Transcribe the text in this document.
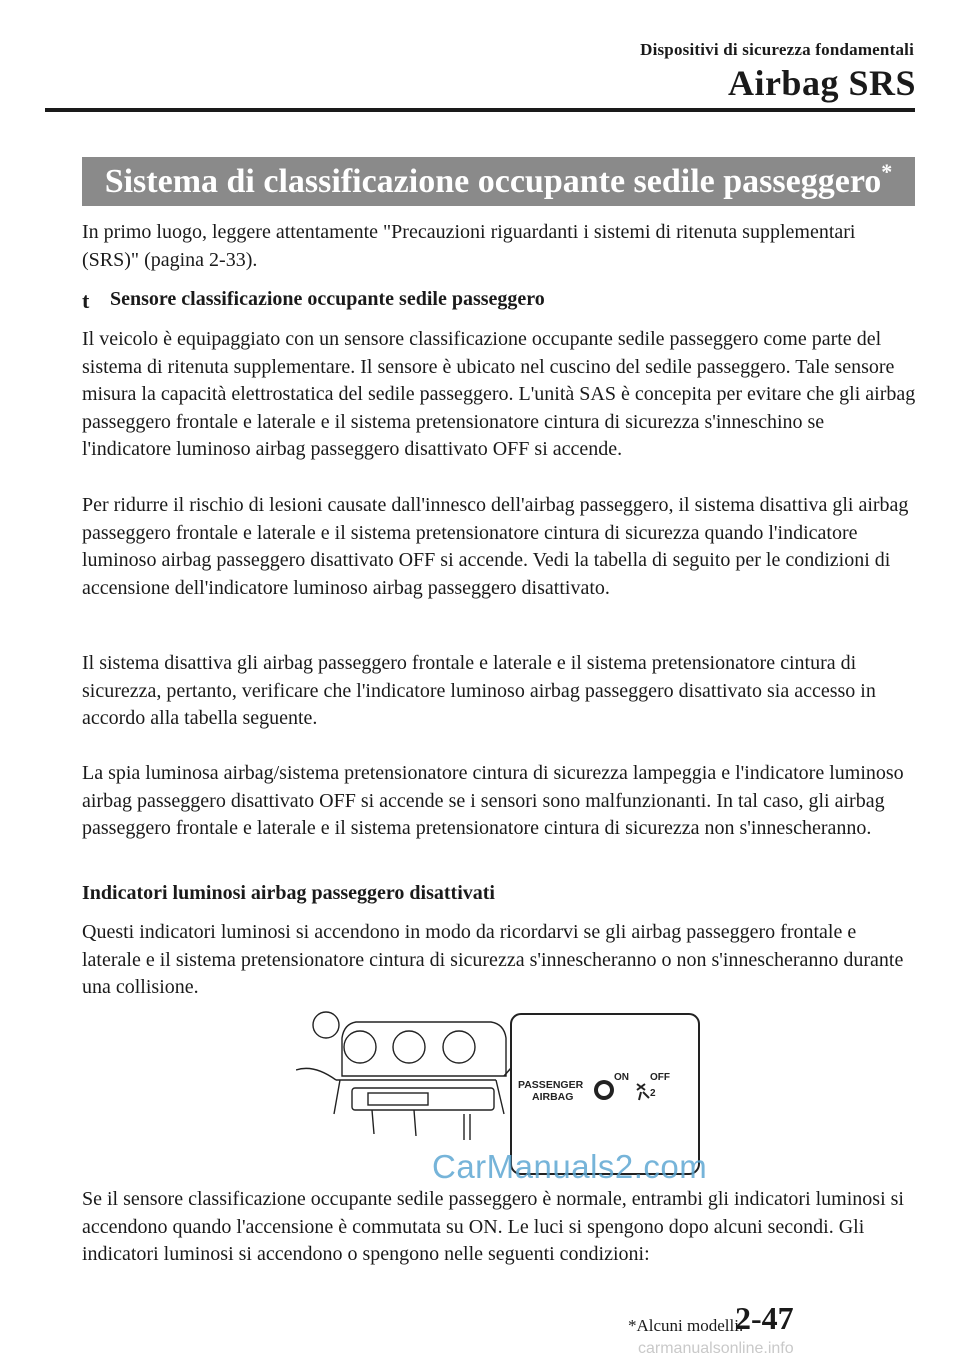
Dispositivi di sicurezza fondamentali
Airbag SRS
Sistema di classificazione occupante sedile passeggero*
In primo luogo, leggere attentamente "Precauzioni riguardanti i sistemi di ritenuta supplementari (SRS)" (pagina 2-33).
t Sensore classificazione occupante sedile passeggero
Il veicolo è equipaggiato con un sensore classificazione occupante sedile passeggero come parte del sistema di ritenuta supplementare. Il sensore è ubicato nel cuscino del sedile passeggero. Tale sensore misura la capacità elettrostatica del sedile passeggero. L'unità SAS è concepita per evitare che gli airbag passeggero frontale e laterale e il sistema pretensionatore cintura di sicurezza s'inneschino se l'indicatore luminoso airbag passeggero disattivato OFF si accende.
Per ridurre il rischio di lesioni causate dall'innesco dell'airbag passeggero, il sistema disattiva gli airbag passeggero frontale e laterale e il sistema pretensionatore cintura di sicurezza quando l'indicatore luminoso airbag passeggero disattivato OFF si accende. Vedi la tabella di seguito per le condizioni di accensione dell'indicatore luminoso airbag passeggero disattivato.
Il sistema disattiva gli airbag passeggero frontale e laterale e il sistema pretensionatore cintura di sicurezza, pertanto, verificare che l'indicatore luminoso airbag passeggero disattivato sia accesso in accordo alla tabella seguente.
La spia luminosa airbag/sistema pretensionatore cintura di sicurezza lampeggia e l'indicatore luminoso airbag passeggero disattivato OFF si accende se i sensori sono malfunzionanti. In tal caso, gli airbag passeggero frontale e laterale e il sistema pretensionatore cintura di sicurezza non s'innescheranno.
Indicatori luminosi airbag passeggero disattivati
Questi indicatori luminosi si accendono in modo da ricordarvi se gli airbag passeggero frontale e laterale e il sistema pretensionatore cintura di sicurezza s'innescheranno o non s'innescheranno durante una collisione.
PASSENGER
AIRBAG
ON OFF
2
CarManuals2.com
Se il sensore classificazione occupante sedile passeggero è normale, entrambi gli indicatori luminosi si accendono quando l'accensione è commutata su ON. Le luci si spengono dopo alcuni secondi. Gli indicatori luminosi si accendono o spengono nelle seguenti condizioni:
*Alcuni modelli.
2-47
carmanualsonline.info
